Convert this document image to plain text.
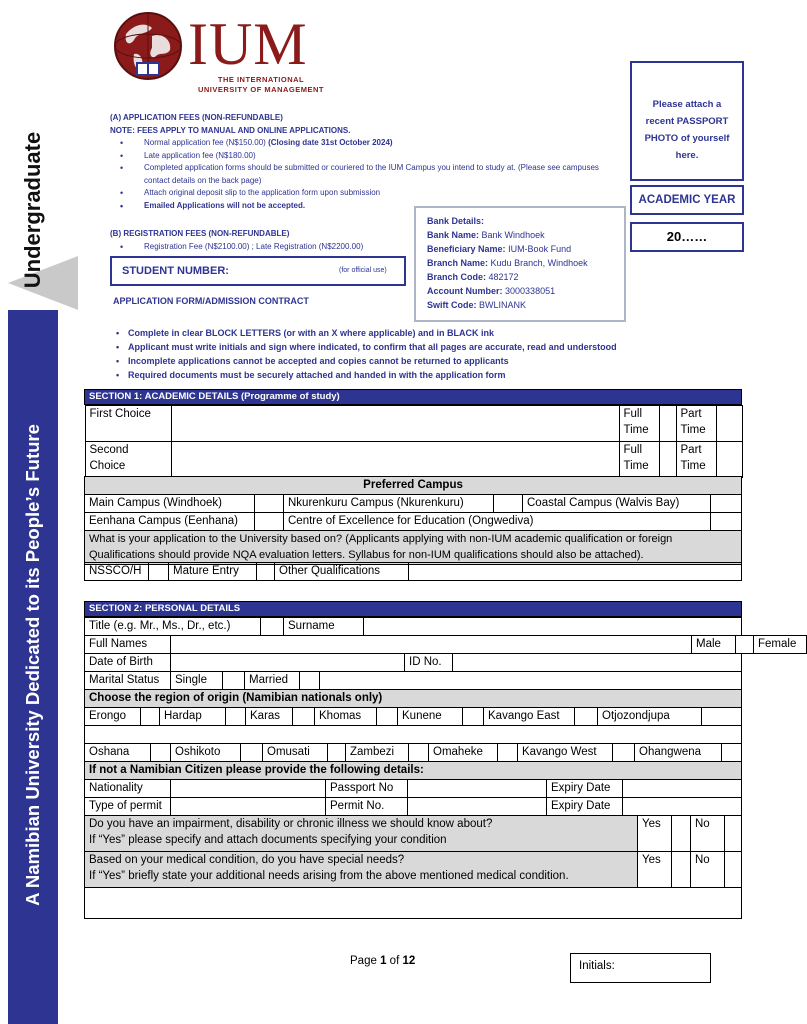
Undergraduate
A Namibian University Dedicated to its People’s Future
IUM
THE INTERNATIONAL
UNIVERSITY OF MANAGEMENT
Please attach a recent PASSPORT PHOTO of yourself here.
ACADEMIC YEAR
20……
(A) APPLICATION FEES (NON-REFUNDABLE)
NOTE: FEES APPLY TO MANUAL AND ONLINE APPLICATIONS.
• Normal application fee (N$150.00) (Closing date 31st October 2024)
• Late application fee (N$180.00)
• Completed application forms should be submitted or couriered to the IUM Campus you intend to study at. (Please see campuses contact details on the back page)
• Attach original deposit slip to the application form upon submission
• Emailed Applications will not be accepted.
(B) REGISTRATION FEES (NON-REFUNDABLE)
• Registration Fee (N$2100.00) ; Late Registration (N$2200.00)
Bank Details:
Bank Name: Bank Windhoek
Beneficiary Name: IUM-Book Fund
Branch Name: Kudu Branch, Windhoek
Branch Code: 482172
Account Number: 3000338051
Swift Code: BWLINANK
STUDENT NUMBER:	(for official use)
APPLICATION FORM/ADMISSION CONTRACT
• Complete in clear BLOCK LETTERS (or with an X where applicable) and in BLACK ink
• Applicant must write initials and sign where indicated, to confirm that all pages are accurate, read and understood
• Incomplete applications cannot be accepted and copies cannot be returned to applicants
• Required documents must be securely attached and handed in with the application form
SECTION 1: ACADEMIC DETAILS (Programme of study)

First Choice		Full Time		Part Time	
Second Choice		Full Time		Part Time	
Preferred Campus					
Main Campus (Windhoek)		Nkurenkuru Campus (Nkurenkuru)		Coastal Campus (Walvis Bay)	
Eenhana Campus (Eenhana)		Centre of Excellence for Education (Ongwediva)			
What is your application to the University based on? (Applicants applying with non-IUM academic qualification or foreign Qualifications should provide NQA evaluation letters. Syllabus for non-IUM qualifications should also be attached).					
NSSCO/H		Mature Entry		Other Qualifications	
SECTION 2: PERSONAL DETAILS
Title (e.g. Mr., Ms., Dr., etc.)		Surname	
Full Names		Male		Female
Date of Birth		ID No.	
Marital Status	Single		Married		
Choose the region of origin (Namibian nationals only)
Erongo		Hardap		Karas		Khomas		Kunene		Kavango East		Otjozondjupa	

Oshana		Oshikoto		Omusati		Zambezi		Omaheke		Kavango West		Ohangwena	
If not a Namibian Citizen please provide the following details:
Nationality		Passport No		Expiry Date	
Type of permit		Permit No.		Expiry Date	
Do you have an impairment, disability or chronic illness we should know about?
If “Yes” please specify and attach documents specifying your condition	Yes		No	

Based on your medical condition, do you have special needs?
If “Yes” briefly state your additional needs arising from the above mentioned medical condition.	Yes		No	

Page 1 of 12	Initials:
